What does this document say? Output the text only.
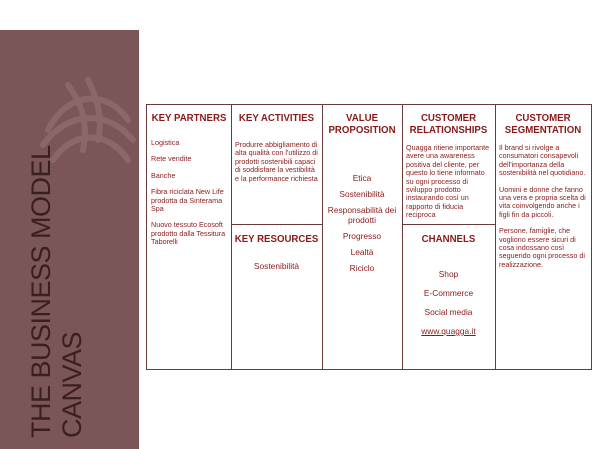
THE BUSINESS MODEL CANVAS
KEY PARTNERS
Logistica
Rete vendite
Banche
Fibra riciclata New Life prodotta da Sinterama Spa
Nuovo tessuto Ecosoft prodotto dalla Tessitura Taborelli
KEY ACTIVITIES
Produrre abbigliamento di alta qualità con l'utilizzo di prodotti sostenibili capaci di soddisfare la vestibilità e la performance richiesta
KEY RESOURCES
Sostenibilità
VALUE
PROPOSITION
Etica
Sostenibilità
Responsabilità dei prodotti
Progresso
Lealtà
Riciclo
CUSTOMER
RELATIONSHIPS
Quagga ritiene importante avere una awareness positiva del cliente, per questo lo tiene informato su ogni processo di sviluppo prodotto instaurando così un rapporto di fiducia reciproca
CHANNELS
Shop
E-Commerce
Social media
www.quagga.it
CUSTOMER
SEGMENTATION
Il brand si rivolge a consumatori consapevoli dell'importanza della sostenibilità nel quotidiano.
Uomini e donne che fanno una vera e propria scelta di vita coinvolgendo anche i figli fin da piccoli.
Persone, famiglie, che vogliono essere sicuri di cosa indossano così seguendo ogni processo di realizzazione.
